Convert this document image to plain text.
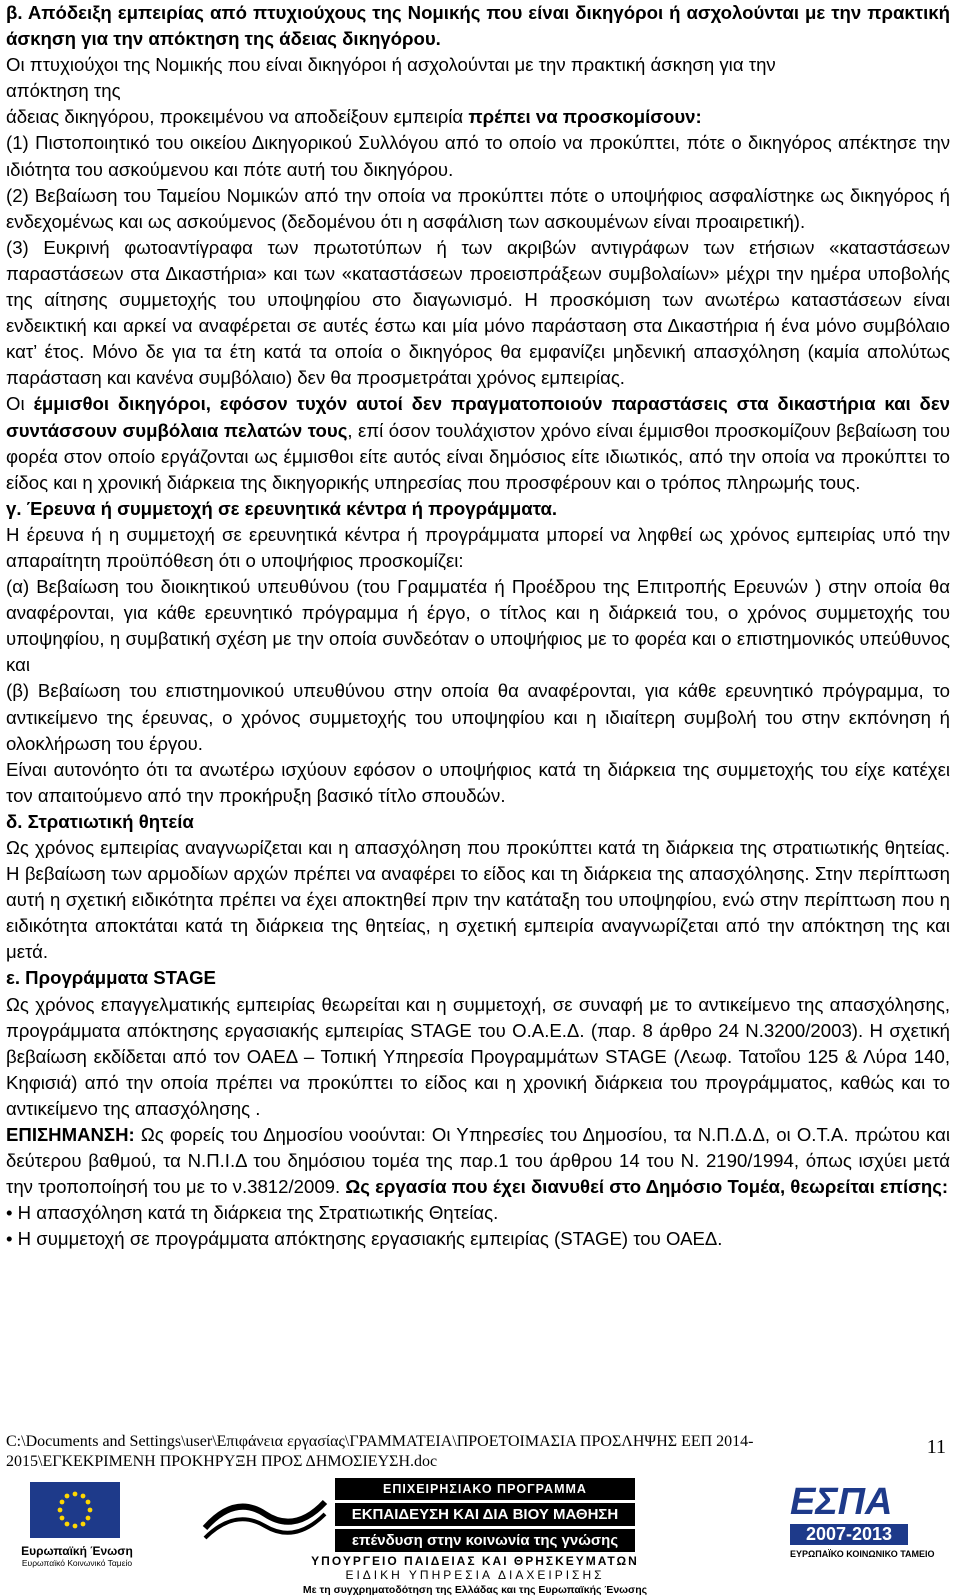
β. Απόδειξη εμπειρίας από πτυχιούχους της Νομικής που είναι δικηγόροι ή ασχολούνται με την πρακτική άσκηση για την απόκτηση της άδειας δικηγόρου.

Οι πτυχιούχοι της Νομικής που είναι δικηγόροι ή ασχολούνται με την πρακτική άσκηση για την
απόκτηση της
άδειας δικηγόρου, προκειμένου να αποδείξουν εμπειρία πρέπει να προσκομίσουν:

(1) Πιστοποιητικό του οικείου Δικηγορικού Συλλόγου από το οποίο να προκύπτει, πότε ο δικηγόρος απέκτησε την ιδιότητα του ασκούμενου και πότε αυτή του δικηγόρου.

(2) Βεβαίωση του Ταμείου Νομικών από την οποία να προκύπτει πότε ο υποψήφιος ασφαλίστηκε ως δικηγόρος ή ενδεχομένως και ως ασκούμενος (δεδομένου ότι η ασφάλιση των ασκουμένων είναι προαιρετική).

(3) Ευκρινή φωτοαντίγραφα των πρωτοτύπων ή των ακριβών αντιγράφων των ετήσιων «καταστάσεων παραστάσεων στα Δικαστήρια» και των «καταστάσεων προεισπράξεων συμβολαίων» μέχρι την ημέρα υποβολής της αίτησης συμμετοχής του υποψηφίου στο διαγωνισμό. Η προσκόμιση των ανωτέρω καταστάσεων είναι ενδεικτική και αρκεί να αναφέρεται σε αυτές έστω και μία μόνο παράσταση στα Δικαστήρια ή ένα μόνο συμβόλαιο κατ’ έτος. Μόνο δε για τα έτη κατά τα οποία ο δικηγόρος θα εμφανίζει μηδενική απασχόληση (καμία απολύτως παράσταση και κανένα συμβόλαιο) δεν θα προσμετράται χρόνος εμπειρίας.

Οι έμμισθοι δικηγόροι, εφόσον τυχόν αυτοί δεν πραγματοποιούν παραστάσεις στα δικαστήρια και δεν συντάσσουν συμβόλαια πελατών τους, επί όσον τουλάχιστον χρόνο είναι έμμισθοι προσκομίζουν βεβαίωση του φορέα στον οποίο εργάζονται ως έμμισθοι είτε αυτός είναι δημόσιος είτε ιδιωτικός, από την οποία να προκύπτει το είδος και η χρονική διάρκεια της δικηγορικής υπηρεσίας που προσφέρουν και ο τρόπος πληρωμής τους.

γ. Έρευνα ή συμμετοχή σε ερευνητικά κέντρα ή προγράμματα.

Η έρευνα ή η συμμετοχή σε ερευνητικά κέντρα ή προγράμματα μπορεί να ληφθεί ως χρόνος εμπειρίας υπό την απαραίτητη προϋπόθεση ότι ο υποψήφιος προσκομίζει:

(α) Βεβαίωση του διοικητικού υπευθύνου (του Γραμματέα ή Προέδρου της Επιτροπής Ερευνών ) στην οποία θα αναφέρονται, για κάθε ερευνητικό πρόγραμμα ή έργο, ο τίτλος και η διάρκειά του, ο χρόνος συμμετοχής του υποψηφίου, η συμβατική σχέση με την οποία συνδεόταν ο υποψήφιος με το φορέα και ο επιστημονικός υπεύθυνος και

(β) Βεβαίωση του επιστημονικού υπευθύνου στην οποία θα αναφέρονται, για κάθε ερευνητικό πρόγραμμα, το αντικείμενο της έρευνας, ο χρόνος συμμετοχής του υποψηφίου και η ιδιαίτερη συμβολή του στην εκπόνηση ή ολοκλήρωση του έργου.

Είναι αυτονόητο ότι τα ανωτέρω ισχύουν εφόσον ο υποψήφιος κατά τη διάρκεια της συμμετοχής του είχε κατέχει τον απαιτούμενο από την προκήρυξη βασικό τίτλο σπουδών.

δ. Στρατιωτική θητεία

Ως χρόνος εμπειρίας αναγνωρίζεται και η απασχόληση που προκύπτει κατά τη διάρκεια της στρατιωτικής θητείας. Η βεβαίωση των αρμοδίων αρχών πρέπει να αναφέρει το είδος και τη διάρκεια της απασχόλησης. Στην περίπτωση αυτή η σχετική ειδικότητα πρέπει να έχει αποκτηθεί πριν την κατάταξη του υποψηφίου, ενώ στην περίπτωση που η ειδικότητα αποκτάται κατά τη διάρκεια της θητείας, η σχετική εμπειρία αναγνωρίζεται από την απόκτηση της και μετά.

ε. Προγράμματα STAGE

Ως χρόνος επαγγελματικής εμπειρίας θεωρείται και η συμμετοχή, σε συναφή με το αντικείμενο της απασχόλησης, προγράμματα απόκτησης εργασιακής εμπειρίας STAGE του Ο.Α.Ε.Δ. (παρ. 8 άρθρο 24 Ν.3200/2003). Η σχετική βεβαίωση εκδίδεται από τον ΟΑΕΔ – Τοπική Υπηρεσία Προγραμμάτων STAGE (Λεωφ. Τατοΐου 125 & Λύρα 140, Κηφισιά) από την οποία πρέπει να προκύπτει το είδος και η χρονική διάρκεια του προγράμματος, καθώς και το αντικείμενο της απασχόλησης .

ΕΠΙΣΗΜΑΝΣΗ: Ως φορείς του Δημοσίου νοούνται: Οι Υπηρεσίες του Δημοσίου, τα Ν.Π.Δ.Δ, οι Ο.Τ.Α. πρώτου και δεύτερου βαθμού, τα Ν.Π.Ι.Δ του δημόσιου τομέα της παρ.1 του άρθρου 14 του Ν. 2190/1994, όπως ισχύει μετά την τροποποίησή του με το ν.3812/2009. Ως εργασία που έχει διανυθεί στο Δημόσιο Τομέα, θεωρείται επίσης:

• Η απασχόληση κατά τη διάρκεια της Στρατιωτικής Θητείας.

• Η συμμετοχή σε προγράμματα απόκτησης εργασιακής εμπειρίας (STAGE) του ΟΑΕΔ.

C:\Documents and Settings\user\Επιφάνεια εργασίας\ΓΡΑΜΜΑΤΕΙΑ\ΠΡΟΕΤΟΙΜΑΣΙΑ ΠΡΟΣΛΗΨΗΣ ΕΕΠ 2014-2015\ΕΓΚΕΚΡΙΜΕΝΗ ΠΡΟΚΗΡΥΞΗ ΠΡΟΣ ΔΗΜΟΣΙΕΥΣΗ.doc
11
Ευρωπαϊκή Ένωση
Ευρωπαϊκό Κοινωνικό Ταμείο
ΕΠΙΧΕΙΡΗΣΙΑΚΟ ΠΡΟΓΡΑΜΜΑ
ΕΚΠΑΙΔΕΥΣΗ ΚΑΙ ΔΙΑ ΒΙΟΥ ΜΑΘΗΣΗ
επένδυση στην κοινωνία της γνώσης
ΥΠΟΥΡΓΕΙΟ ΠΑΙΔΕΙΑΣ ΚΑΙ ΘΡΗΣΚΕΥΜΑΤΩΝ
ΕΙΔΙΚΗ ΥΠΗΡΕΣΙΑ ΔΙΑΧΕΙΡΙΣΗΣ
Με τη συγχρηματοδότηση της Ελλάδας και της Ευρωπαϊκής Ένωσης
ΕΣΠΑ
2007-2013
ΕΥΡΩΠΑΪΚΟ ΚΟΙΝΩΝΙΚΟ ΤΑΜΕΙΟ
